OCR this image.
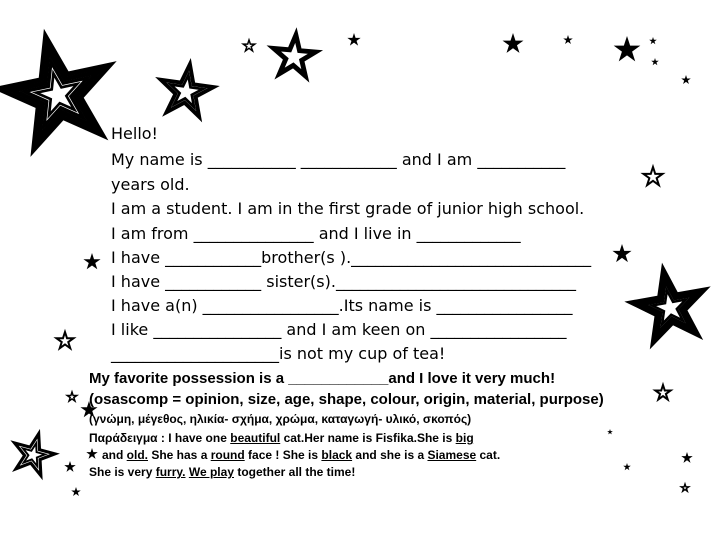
Hello!
My name is ___________ ____________ and I am ___________
years old.
I am a student. I am in the first grade of junior high school.
I am from _______________ and I live in _____________
I have ____________brother(s ).______________________________
I have ____________ sister(s).______________________________
I have a(n) _________________.Its name is _________________
I like ________________ and I am keen on _________________
_____________________is not my cup of tea!
My favorite possession is a ____________and I love it very much!
(osascomp = opinion, size, age, shape, colour, origin, material, purpose)
(γνώμη, μέγεθος, ηλικία- σχήμα, χρώμα, καταγωγή- υλικό, σκοπός)
Παράδειγμα : I have one beautiful cat.Her name is Fisfika.She is big
and old. She has a round face ! She is black and she is a Siamese cat.
She is very furry. We play together all the time!
